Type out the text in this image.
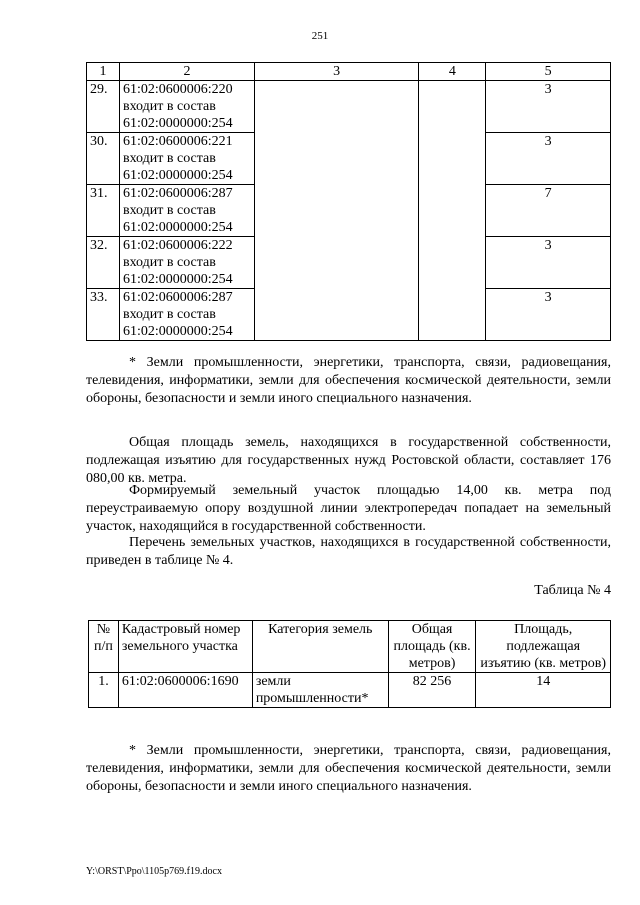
251
1	2	3	4	5
29.	61:02:0600006:220
входит в состав
61:02:0000000:254			3
30.	61:02:0600006:221
входит в состав
61:02:0000000:254			3
31.	61:02:0600006:287
входит в состав
61:02:0000000:254			7
32.	61:02:0600006:222
входит в состав
61:02:0000000:254			3
33.	61:02:0600006:287
входит в состав
61:02:0000000:254			3

* Земли промышленности, энергетики, транспорта, связи, радиовещания, телевидения, информатики, земли для обеспечения космической деятельности, земли обороны, безопасности и земли иного специального назначения.

Общая площадь земель, находящихся в государственной собственности, подлежащая изъятию для государственных нужд Ростовской области, составляет 176 080,00 кв. метра.

Формируемый земельный участок площадью 14,00 кв. метра под переустраиваемую опору воздушной линии электропередач попадает на земельный участок, находящийся в государственной собственности.

Перечень земельных участков, находящихся в государственной собственности, приведен в таблице № 4.

Таблица № 4

№
п/п	Кадастровый номер земельного участка	Категория земель	Общая площадь (кв. метров)	Площадь, подлежащая изъятию (кв. метров)
1.	61:02:0600006:1690	земли промышленности*	82 256	14

* Земли промышленности, энергетики, транспорта, связи, радиовещания, телевидения, информатики, земли для обеспечения космической деятельности, земли обороны, безопасности и земли иного специального назначения.

Y:\ORST\Ppo\1105p769.f19.docx
